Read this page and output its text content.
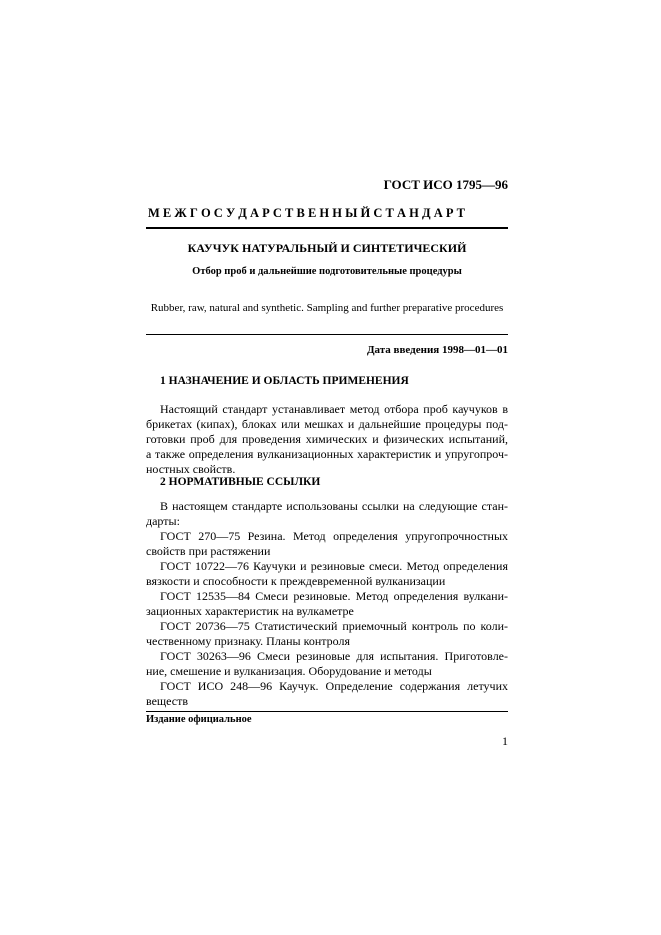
ГОСТ ИСО 1795—96
М Е Ж Г О С У Д А Р С Т В Е Н Н Ы Й С Т А Н Д А Р Т
КАУЧУК НАТУРАЛЬНЫЙ И СИНТЕТИЧЕСКИЙ
Отбор проб и дальнейшие подготовительные процедуры
Rubber, raw, natural and synthetic. Sampling and further preparative procedures
Дата введения 1998—01—01
1 НАЗНАЧЕНИЕ И ОБЛАСТЬ ПРИМЕНЕНИЯ
Настоящий стандарт устанавливает метод отбора проб каучуков в
брикетах (кипах), блоках или мешках и дальнейшие процедуры под-
готовки проб для проведения химических и физических испытаний,
а также определения вулканизационных характеристик и упругопроч-
ностных свойств.
2 НОРМАТИВНЫЕ ССЫЛКИ
В настоящем стандарте использованы ссылки на следующие стан-
дарты:
ГОСТ 270—75 Резина. Метод определения упругопрочностных
свойств при растяжении
ГОСТ 10722—76 Каучуки и резиновые смеси. Метод определения
вязкости и способности к преждевременной вулканизации
ГОСТ 12535—84 Смеси резиновые. Метод определения вулкани-
зационных характеристик на вулкаметре
ГОСТ 20736—75 Статистический приемочный контроль по коли-
чественному признаку. Планы контроля
ГОСТ 30263—96 Смеси резиновые для испытания. Приготовле-
ние, смешение и вулканизация. Оборудование и методы
ГОСТ ИСО 248—96 Каучук. Определение содержания летучих
веществ
Издание официальное
1
